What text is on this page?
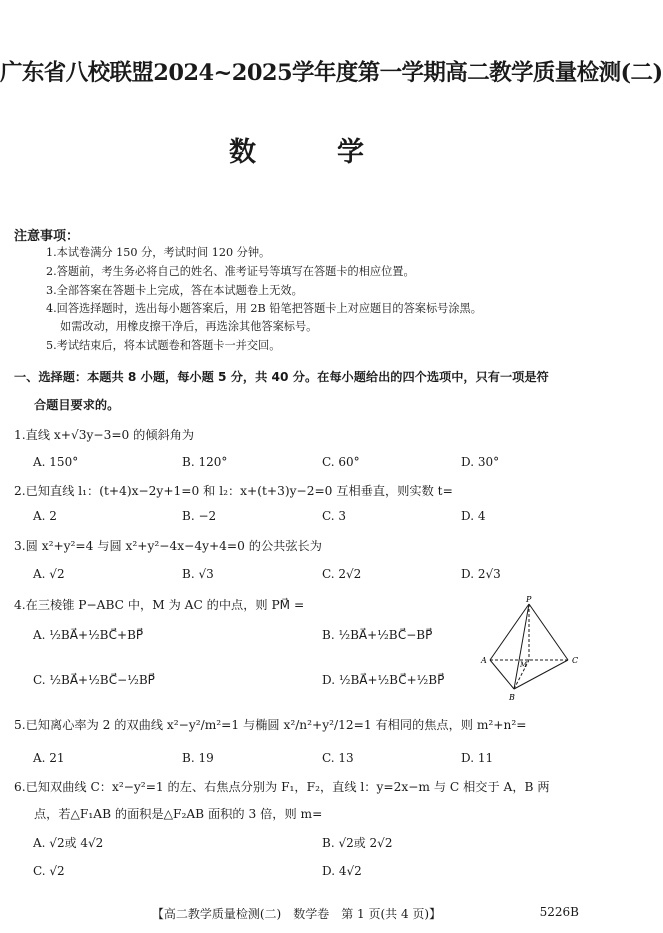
广东省八校联盟2024~2025学年度第一学期高二教学质量检测(二)
数	学
注意事项：
1.本试卷满分 150 分，考试时间 120 分钟。
2.答题前，考生务必将自己的姓名、准考证号等填写在答题卡的相应位置。
3.全部答案在答题卡上完成，答在本试题卷上无效。
4.回答选择题时，选出每小题答案后，用 2B 铅笔把答题卡上对应题目的答案标号涂黑。
如需改动，用橡皮擦干净后，再选涂其他答案标号。
5.考试结束后，将本试题卷和答题卡一并交回。
一、选择题：本题共 8 小题，每小题 5 分，共 40 分。在每小题给出的四个选项中，只有一项是符
合题目要求的。
1.直线 x+√3y−3=0 的倾斜角为
A. 150°	B. 120°	C. 60°	D. 30°
2.已知直线 l₁：(t+4)x−2y+1=0 和 l₂：x+(t+3)y−2=0 互相垂直，则实数 t=
A. 2	B. −2	C. 3	D. 4
3.圆 x²+y²=4 与圆 x²+y²−4x−4y+4=0 的公共弦长为
A. √2	B. √3	C. 2√2	D. 2√3
4.在三棱锥 P−ABC 中，M 为 AC 的中点，则 PM⃗ =
A. ½BA⃗+½BC⃗+BP⃗	B. ½BA⃗+½BC⃗−BP⃗
C. ½BA⃗+½BC⃗−½BP⃗	D. ½BA⃗+½BC⃗+½BP⃗
P
A	M	C
B
5.已知离心率为 2 的双曲线 x²−y²/m²=1 与椭圆 x²/n²+y²/12=1 有相同的焦点，则 m²+n²=
A. 21	B. 19	C. 13	D. 11
6.已知双曲线 C：x²−y²=1 的左、右焦点分别为 F₁，F₂，直线 l：y=2x−m 与 C 相交于 A，B 两
点，若△F₁AB 的面积是△F₂AB 面积的 3 倍，则 m=
A. √2或 4√2	B. √2或 2√2
C. √2	D. 4√2
【高二教学质量检测(二)　数学卷　第 1 页(共 4 页)】	5226B
